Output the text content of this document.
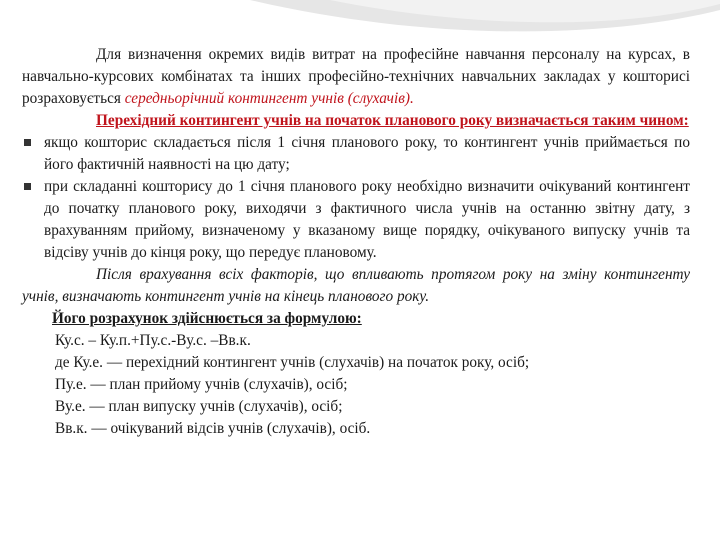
Для визначення окремих видів витрат на професійне навчання персоналу на курсах, в навчально-курсових комбінатах та інших професійно-технічних навчальних закладах у кошторисі розраховується середньорічний контингент учнів (слухачів).

Перехідний контингент учнів на початок планового року визначається таким чином:

якщо кошторис складається після 1 січня планового року, то контингент учнів приймається по його фактичній наявності на цю дату;
при складанні кошторису до 1 січня планового року необхідно визначити очікуваний контингент до початку планового року, виходячи з фактичного числа учнів на останню звітну дату, з врахуванням прийому, визначеному у вказаному вище порядку, очікуваного випуску учнів та відсіву учнів до кінця року, що передує плановому.

Після врахування всіх факторів, що впливають протягом року на зміну контингенту учнів, визначають контингент учнів на кінець планового року.

Його розрахунок здійснюється за формулою:

Ку.с. – Ку.п.+Пу.с.-Ву.с. –Вв.к.

де Ку.е. — перехідний контингент учнів (слухачів) на початок року, осіб;

Пу.е. — план прийому учнів (слухачів), осіб;

Ву.е. — план випуску учнів (слухачів), осіб;

Вв.к. — очікуваний відсів учнів (слухачів), осіб.
